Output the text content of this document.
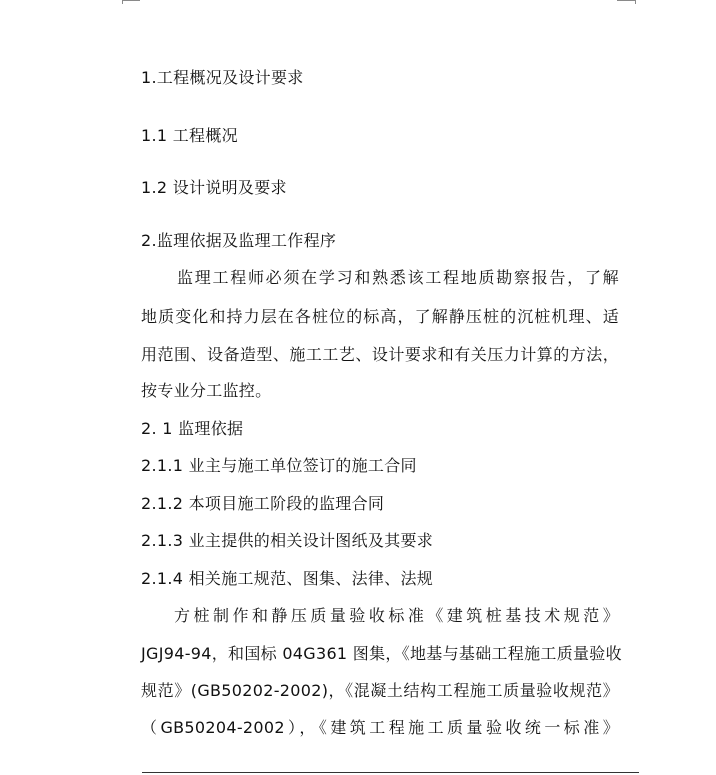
1.工程概况及设计要求
1.1 工程概况
1.2 设计说明及要求
2.监理依据及监理工作程序
监理工程师必须在学习和熟悉该工程地质勘察报告，了解
地质变化和持力层在各桩位的标高，了解静压桩的沉桩机理、适
用范围、设备造型、施工工艺、设计要求和有关压力计算的方法，
按专业分工监控。
2. 1 监理依据
2.1.1 业主与施工单位签订的施工合同
2.1.2 本项目施工阶段的监理合同
2.1.3 业主提供的相关设计图纸及其要求
2.1.4 相关施工规范、图集、法律、法规
方桩制作和静压质量验收标准《建筑桩基技术规范》
JGJ94-94，和国标 04G361 图集，《地基与基础工程施工质量验收
规范》(GB50202-2002)，《混凝土结构工程施工质量验收规范》
（GB50204-2002），《建筑工程施工质量验收统一标准》
